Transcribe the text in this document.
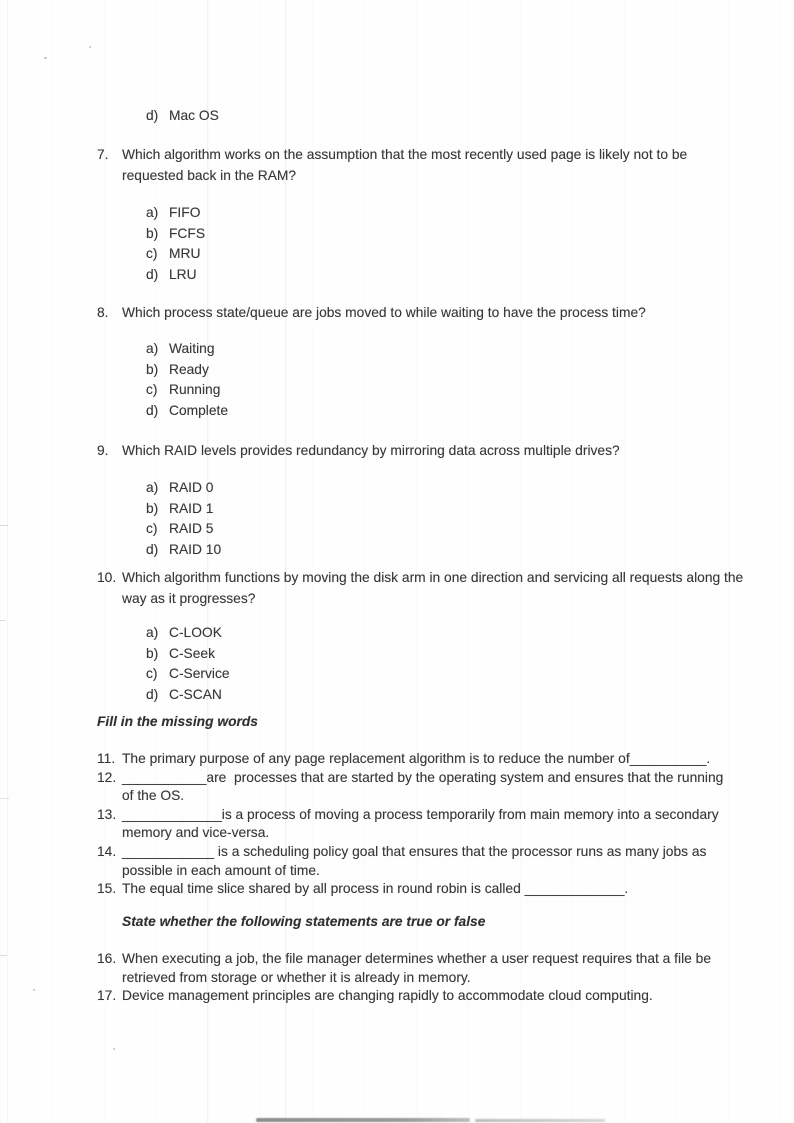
d) Mac OS
7. Which algorithm works on the assumption that the most recently used page is likely not to be
requested back in the RAM?
a) FIFO
b) FCFS
c) MRU
d) LRU
8. Which process state/queue are jobs moved to while waiting to have the process time?
a) Waiting
b) Ready
c) Running
d) Complete
9. Which RAID levels provides redundancy by mirroring data across multiple drives?
a) RAID 0
b) RAID 1
c) RAID 5
d) RAID 10
10. Which algorithm functions by moving the disk arm in one direction and servicing all requests along the
way as it progresses?
a) C-LOOK
b) C-Seek
c) C-Service
d) C-SCAN
Fill in the missing words
11. The primary purpose of any page replacement algorithm is to reduce the number of__________.
12. ___________are  processes that are started by the operating system and ensures that the running
of the OS.
13. _____________is a process of moving a process temporarily from main memory into a secondary
memory and vice-versa.
14. ____________ is a scheduling policy goal that ensures that the processor runs as many jobs as
possible in each amount of time.
15. The equal time slice shared by all process in round robin is called _____________.
State whether the following statements are true or false
16. When executing a job, the file manager determines whether a user request requires that a file be
retrieved from storage or whether it is already in memory.
17. Device management principles are changing rapidly to accommodate cloud computing.
